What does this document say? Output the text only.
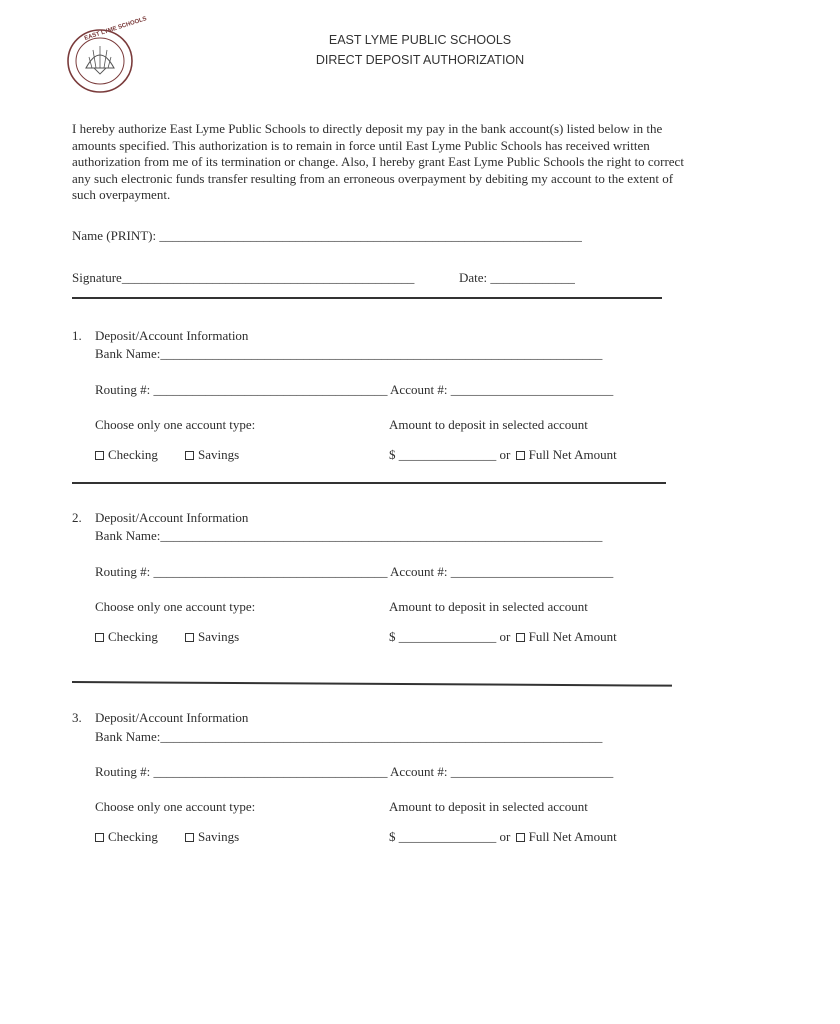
EAST LYME SCHOOLS	EAST LYME PUBLIC SCHOOLS
DIRECT DEPOSIT AUTHORIZATION
I hereby authorize East Lyme Public Schools to directly deposit my pay in the bank account(s) listed below in the amounts specified. This authorization is to remain in force until East Lyme Public Schools has received written authorization from me of its termination or change. Also, I hereby grant East Lyme Public Schools the right to correct any such electronic funds transfer resulting from an erroneous overpayment by debiting my account to the extent of such overpayment.
Name (PRINT): _________________________________________________________________
Signature_____________________________________________	Date: _____________
1. Deposit/Account Information
Bank Name:____________________________________________________________________
Routing #: ____________________________________ Account #: _________________________
Choose only one account type:	Amount to deposit in selected account
Checking	Savings	$ _______________ or Full Net Amount
2. Deposit/Account Information
Bank Name:____________________________________________________________________
Routing #: ____________________________________ Account #: _________________________
Choose only one account type:	Amount to deposit in selected account
Checking	Savings	$ _______________ or Full Net Amount
3. Deposit/Account Information
Bank Name:____________________________________________________________________
Routing #: ____________________________________ Account #: _________________________
Choose only one account type:	Amount to deposit in selected account
Checking	Savings	$ _______________ or Full Net Amount
